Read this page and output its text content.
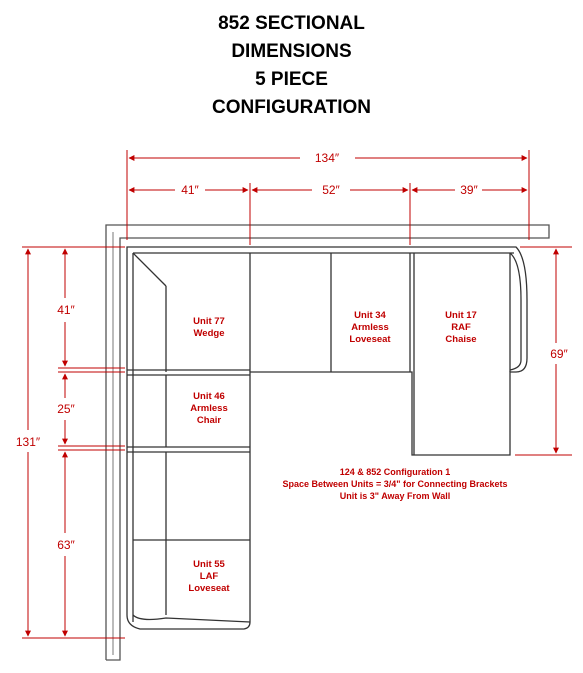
852 SECTIONAL
DIMENSIONS
5 PIECE
CONFIGURATION
134″
41″	52″	39″
41″
25″
63″
131″
69″
Unit 77
Wedge
Unit 34
Armless
Loveseat
Unit 17
RAF
Chaise
Unit 46
Armless
Chair
Unit 55
LAF
Loveseat
124 & 852 Configuration 1
Space Between Units = 3/4" for Connecting Brackets
Unit is 3" Away From Wall
